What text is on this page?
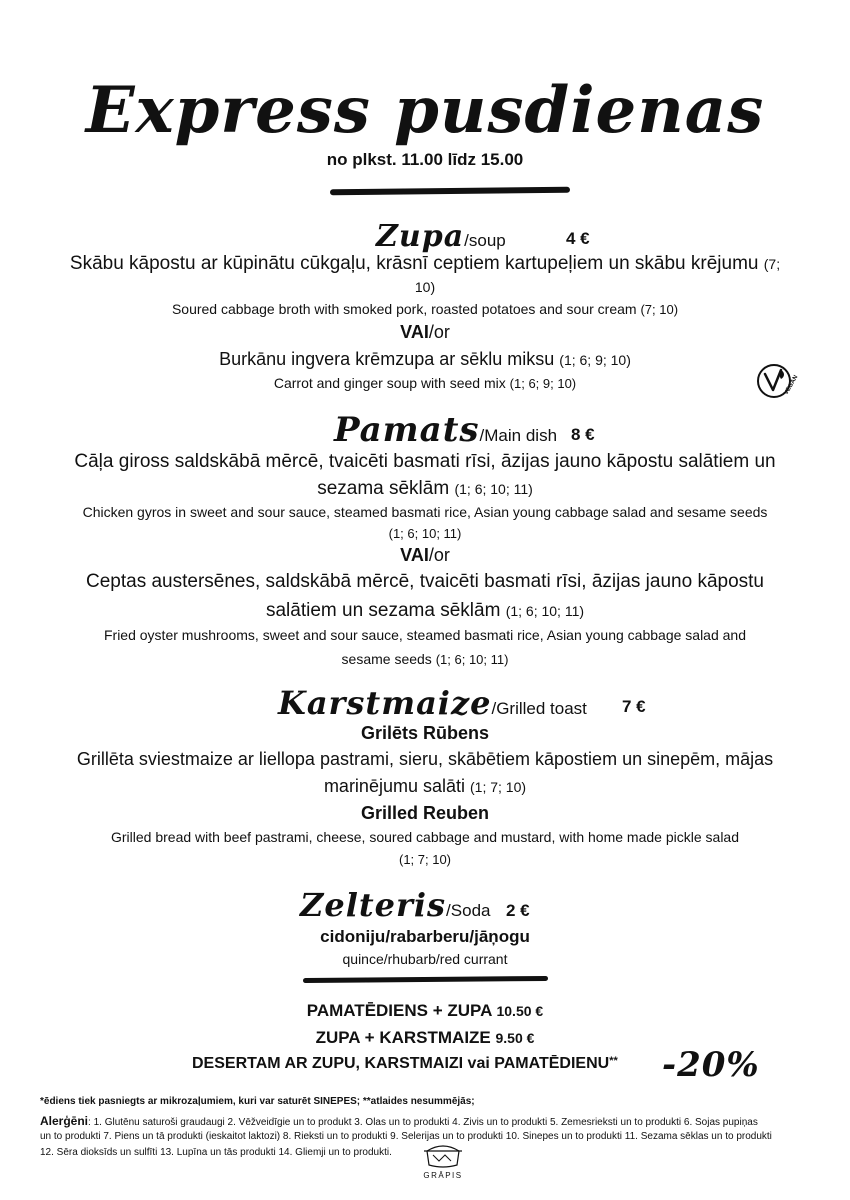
Express pusdienas
no plkst. 11.00 līdz 15.00
Zupa/soup	4 €
Skābu kāpostu ar kūpinātu cūkgaļu, krāsnī ceptiem kartupeļiem un skābu krējumu (7;
10)
Soured cabbage broth with smoked pork, roasted potatoes and sour cream (7; 10)
VAI/or
Burkānu ingvera krēmzupa ar sēklu miksu (1; 6; 9; 10)
Carrot and ginger soup with seed mix (1; 6; 9; 10)	VEGAN
Pamats/Main dish 8 €
Cāļa giross saldskābā mērcē, tvaicēti basmati rīsi, āzijas jauno kāpostu salātiem un
sezama sēklām (1; 6; 10; 11)
Chicken gyros in sweet and sour sauce, steamed basmati rice, Asian young cabbage salad and sesame seeds
(1; 6; 10; 11)
VAI/or
Ceptas austersēnes, saldskābā mērcē, tvaicēti basmati rīsi, āzijas jauno kāpostu
salātiem un sezama sēklām (1; 6; 10; 11)
Fried oyster mushrooms, sweet and sour sauce, steamed basmati rice, Asian young cabbage salad and
sesame seeds (1; 6; 10; 11)
Karstmaize/Grilled toast 7 €
Grilēts Rūbens
Grillēta sviestmaize ar liellopa pastrami, sieru, skābētiem kāpostiem un sinepēm, mājas
marinējumu salāti (1; 7; 10)
Grilled Reuben
Grilled bread with beef pastrami, cheese, soured cabbage and mustard, with home made pickle salad
(1; 7; 10)
Zelteris/Soda 2 €
cidoniju/rabarberu/jāņogu
quince/rhubarb/red currant
PAMATĒDIENS + ZUPA 10.50 €
ZUPA + KARSTMAIZE 9.50 €
DESERTAM AR ZUPU, KARSTMAIZI vai PAMATĒDIENU** -20%
*ēdiens tiek pasniegts ar mikrozaļumiem, kuri var saturēt SINEPES; **atlaides nesummējās;
Alerģēni: 1. Glutēnu saturoši graudaugi 2. Vēžveidīgie un to produkt 3. Olas un to produkti 4. Zivis un to produkti 5. Zemesrieksti un to produkti 6. Sojas pupiņas
un to produkti 7. Piens un tā produkti (ieskaitot laktozi) 8. Rieksti un to produkti 9. Selerijas un to produkti 10. Sinepes un to produkti 11. Sezama sēklas un to produkti
12. Sēra dioksīds un sulfīti 13. Lupīna un tās produkti 14. Gliemji un to produkti.
GRĀPIS
